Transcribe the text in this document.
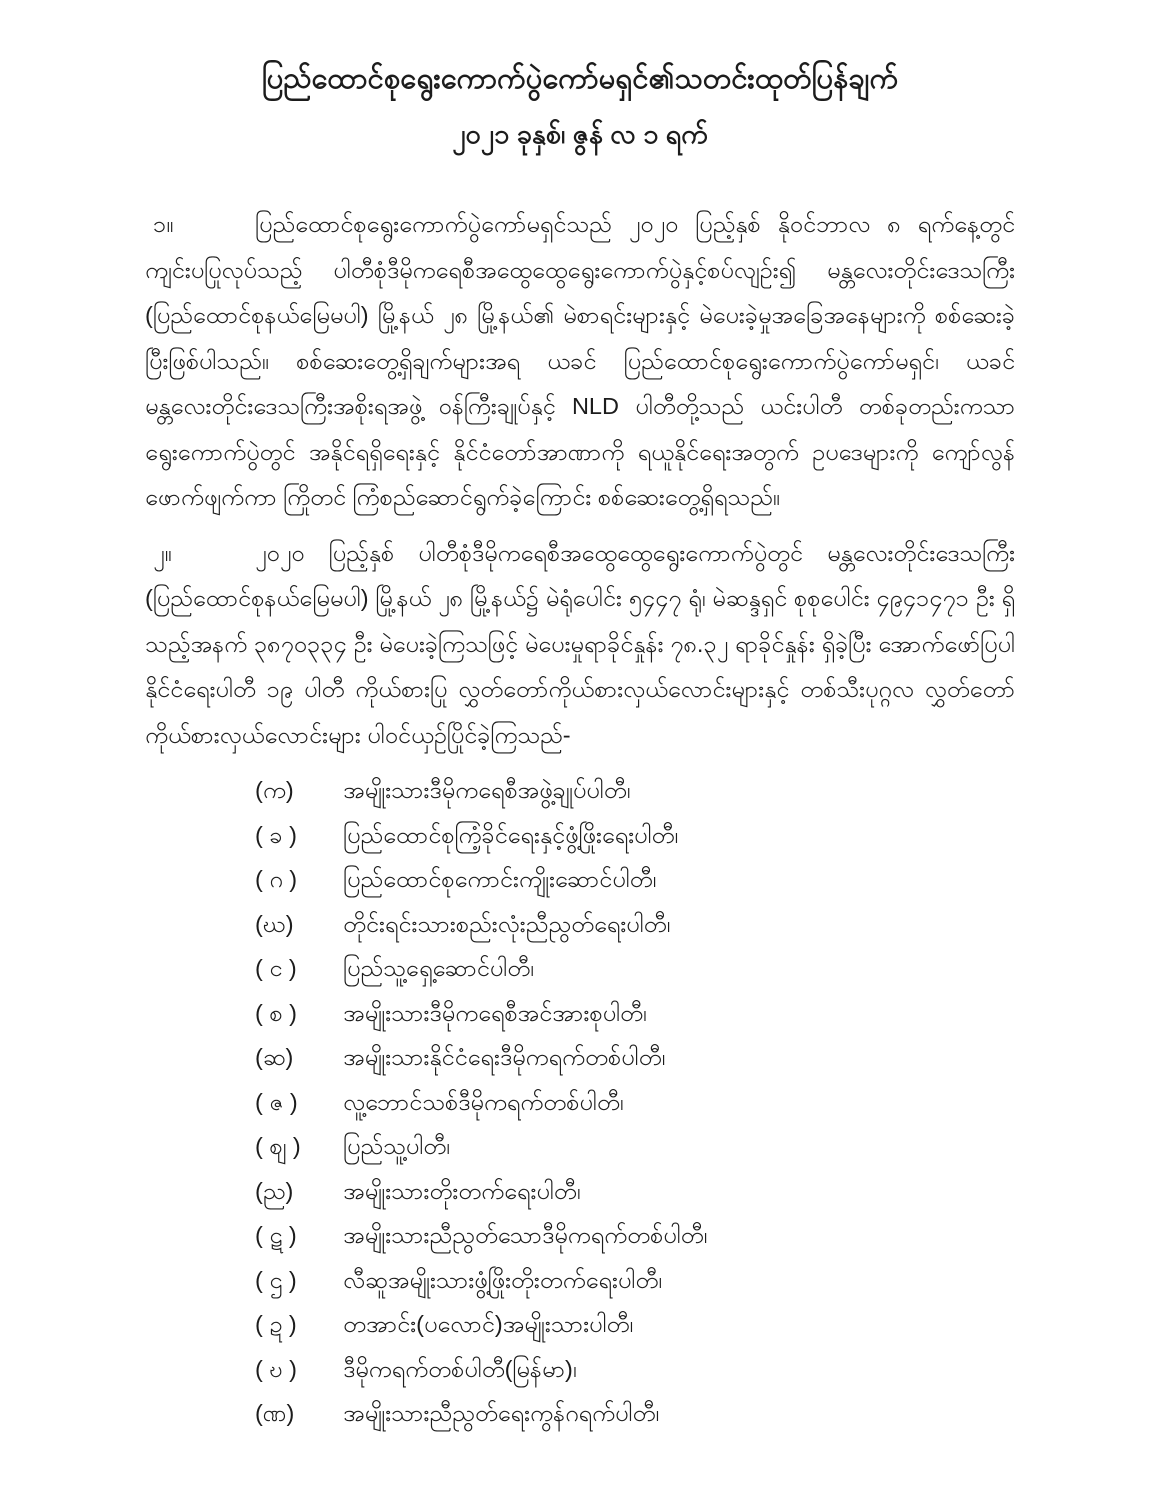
ပြည်ထောင်စုရွေးကောက်ပွဲကော်မရှင်၏သတင်းထုတ်ပြန်ချက်
၂၀၂၁ ခုနှစ်၊ ဇွန် လ ၁ ရက်
၁။	ပြည်ထောင်စုရွေးကောက်ပွဲကော်မရှင်သည် ၂၀၂၀ ပြည့်နှစ် နိုဝင်ဘာလ ၈ ရက်နေ့တွင် ကျင်းပပြုလုပ်သည့် ပါတီစုံဒီမိုကရေစီအထွေထွေရွေးကောက်ပွဲနှင့်စပ်လျဉ်း၍ မန္တလေးတိုင်းဒေသကြီး (ပြည်ထောင်စုနယ်မြေမပါ) မြို့နယ် ၂၈ မြို့နယ်၏ မဲစာရင်းများနှင့် မဲပေးခဲ့မှုအခြေအနေများကို စစ်ဆေးခဲ့ပြီးဖြစ်ပါသည်။ စစ်ဆေးတွေ့ရှိချက်များအရ ယခင် ပြည်ထောင်စုရွေးကောက်ပွဲကော်မရှင်၊ ယခင် မန္တလေးတိုင်းဒေသကြီးအစိုးရအဖွဲ့ ဝန်ကြီးချုပ်နှင့် NLD ပါတီတို့သည် ယင်းပါတီ တစ်ခုတည်းကသာ ရွေးကောက်ပွဲတွင် အနိုင်ရရှိရေးနှင့် နိုင်ငံတော်အာဏာကို ရယူနိုင်ရေးအတွက် ဥပဒေများကို ကျော်လွန်ဖောက်ဖျက်ကာ ကြိုတင် ကြံစည်ဆောင်ရွက်ခဲ့ကြောင်း စစ်ဆေးတွေ့ရှိရသည်။
၂။	၂၀၂၀ ပြည့်နှစ် ပါတီစုံဒီမိုကရေစီအထွေထွေရွေးကောက်ပွဲတွင် မန္တလေးတိုင်းဒေသကြီး (ပြည်ထောင်စုနယ်မြေမပါ) မြို့နယ် ၂၈ မြို့နယ်၌ မဲရုံပေါင်း ၅၄၄၇ ရုံ၊ မဲဆန္ဒရှင် စုစုပေါင်း ၄၉၄၁၄၇၁ ဦး ရှိသည့်အနက် ၃၈၇၀၃၃၄ ဦး မဲပေးခဲ့ကြသဖြင့် မဲပေးမှုရာခိုင်နှုန်း ၇၈.၃၂ ရာခိုင်နှုန်း ရှိခဲ့ပြီး အောက်ဖော်ပြပါ နိုင်ငံရေးပါတီ ၁၉ ပါတီ ကိုယ်စားပြု လွှတ်တော်ကိုယ်စားလှယ်လောင်းများနှင့် တစ်သီးပုဂ္ဂလ လွှတ်တော်ကိုယ်စားလှယ်လောင်းများ ပါဝင်ယှဉ်ပြိုင်ခဲ့ကြသည်-
(က)	အမျိုးသားဒီမိုကရေစီအဖွဲ့ချုပ်ပါတီ၊
( ခ )	ပြည်ထောင်စုကြံ့ခိုင်ရေးနှင့်ဖွံ့ဖြိုးရေးပါတီ၊
( ဂ )	ပြည်ထောင်စုကောင်းကျိုးဆောင်ပါတီ၊
(ဃ)	တိုင်းရင်းသားစည်းလုံးညီညွတ်ရေးပါတီ၊
( င )	ပြည်သူ့ရှေ့ဆောင်ပါတီ၊
( စ )	အမျိုးသားဒီမိုကရေစီအင်အားစုပါတီ၊
(ဆ)	အမျိုးသားနိုင်ငံရေးဒီမိုကရက်တစ်ပါတီ၊
( ဇ )	လူ့ဘောင်သစ်ဒီမိုကရက်တစ်ပါတီ၊
( စျ )	ပြည်သူ့ပါတီ၊
(ည)	အမျိုးသားတိုးတက်ရေးပါတီ၊
( ဋ )	အမျိုးသားညီညွတ်သောဒီမိုကရက်တစ်ပါတီ၊
( ဌ )	လီဆူအမျိုးသားဖွံ့ဖြိုးတိုးတက်ရေးပါတီ၊
( ဍ )	တအာင်း(ပလောင်)အမျိုးသားပါတီ၊
( ဎ )	ဒီမိုကရက်တစ်ပါတီ(မြန်မာ)၊
(ဏ)	အမျိုးသားညီညွတ်ရေးကွန်ဂရက်ပါတီ၊
